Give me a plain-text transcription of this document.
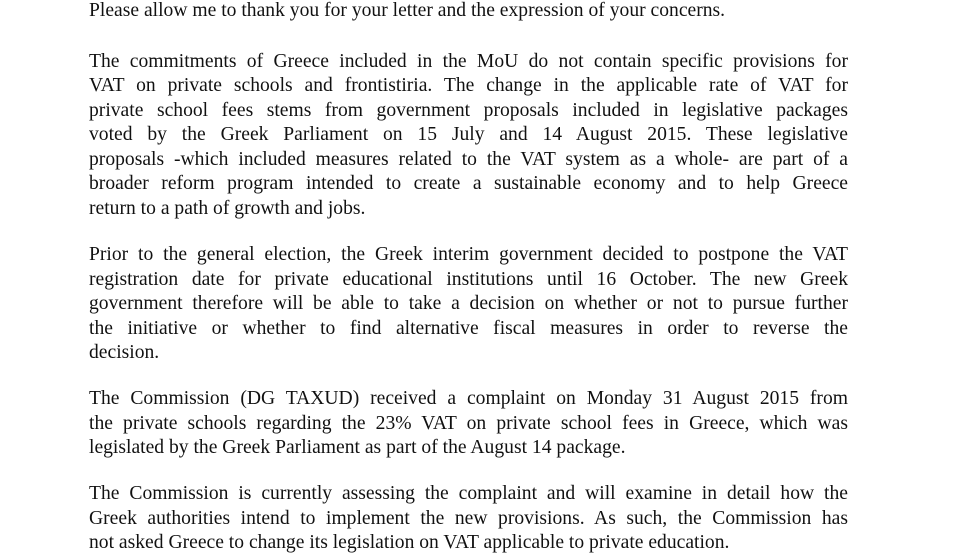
Please allow me to thank you for your letter and the expression of your concerns.
The commitments of Greece included in the MoU do not contain specific provisions for
VAT on private schools and frontistiria. The change in the applicable rate of VAT for
private school fees stems from government proposals included in legislative packages
voted by the Greek Parliament on 15 July and 14 August 2015. These legislative
proposals -which included measures related to the VAT system as a whole- are part of a
broader reform program intended to create a sustainable economy and to help Greece
return to a path of growth and jobs.
Prior to the general election, the Greek interim government decided to postpone the VAT
registration date for private educational institutions until 16 October. The new Greek
government therefore will be able to take a decision on whether or not to pursue further
the initiative or whether to find alternative fiscal measures in order to reverse the
decision.
The Commission (DG TAXUD) received a complaint on Monday 31 August 2015 from
the private schools regarding the 23% VAT on private school fees in Greece, which was
legislated by the Greek Parliament as part of the August 14 package.
The Commission is currently assessing the complaint and will examine in detail how the
Greek authorities intend to implement the new provisions. As such, the Commission has
not asked Greece to change its legislation on VAT applicable to private education.
